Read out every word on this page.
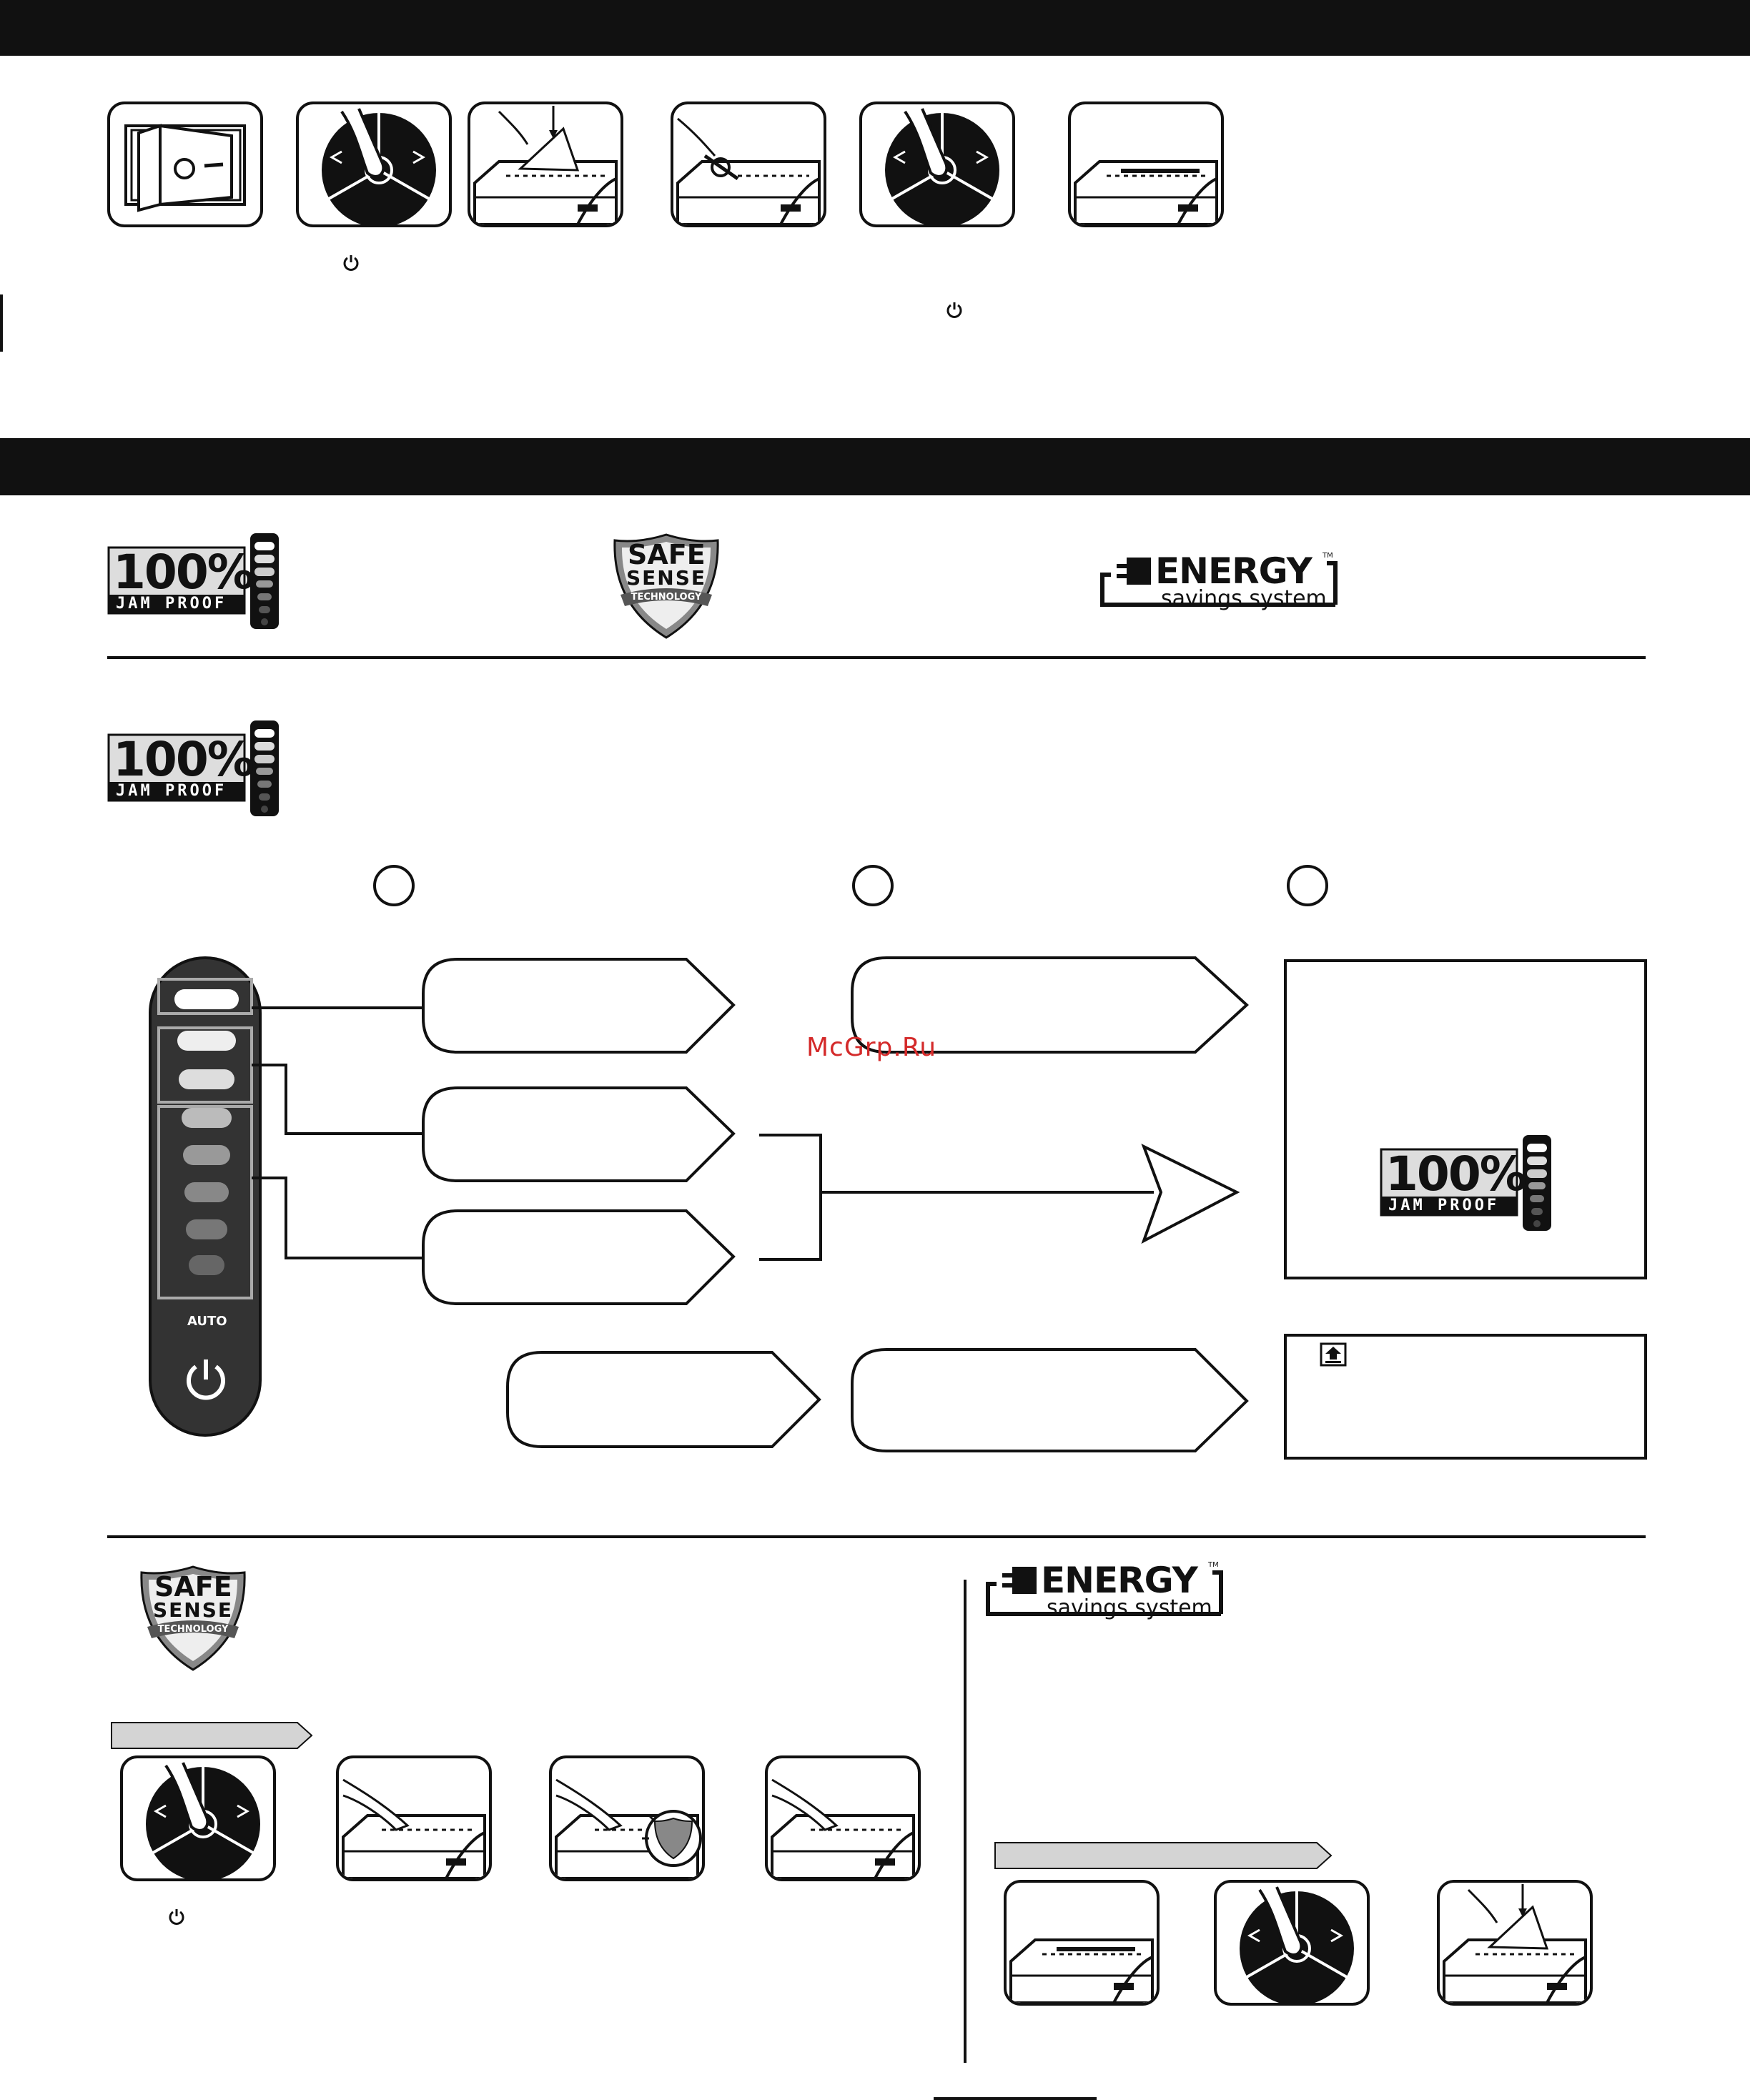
100%
JAM PROOF
SAFE
SENSE
TECHNOLOGY
ENERGY TM
savings system
100%
JAM PROOF
AUTO
100%
JAM PROOF
McGrp.Ru
SAFE
SENSE
TECHNOLOGY
ENERGY TM
savings system
